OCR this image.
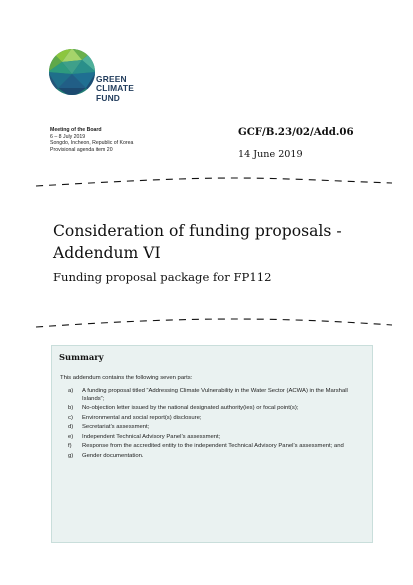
GREEN
CLIMATE
FUND
Meeting of the Board
6 – 8 July 2019
Songdo, Incheon, Republic of Korea
Provisional agenda item 20
GCF/B.23/02/Add.06
14 June 2019
Consideration of funding proposals - Addendum VI
Funding proposal package for FP112
Summary
This addendum contains the following seven parts:
a)	A funding proposal titled “Addressing Climate Vulnerability in the Water Sector (ACWA) in the Marshall Islands”;
b)	No-objection letter issued by the national designated authority(ies) or focal point(s);
c)	Environmental and social report(s) disclosure;
d)	Secretariat’s assessment;
e)	Independent Technical Advisory Panel’s assessment;
f)	Response from the accredited entity to the independent Technical Advisory Panel’s assessment; and
g)	Gender documentation.
